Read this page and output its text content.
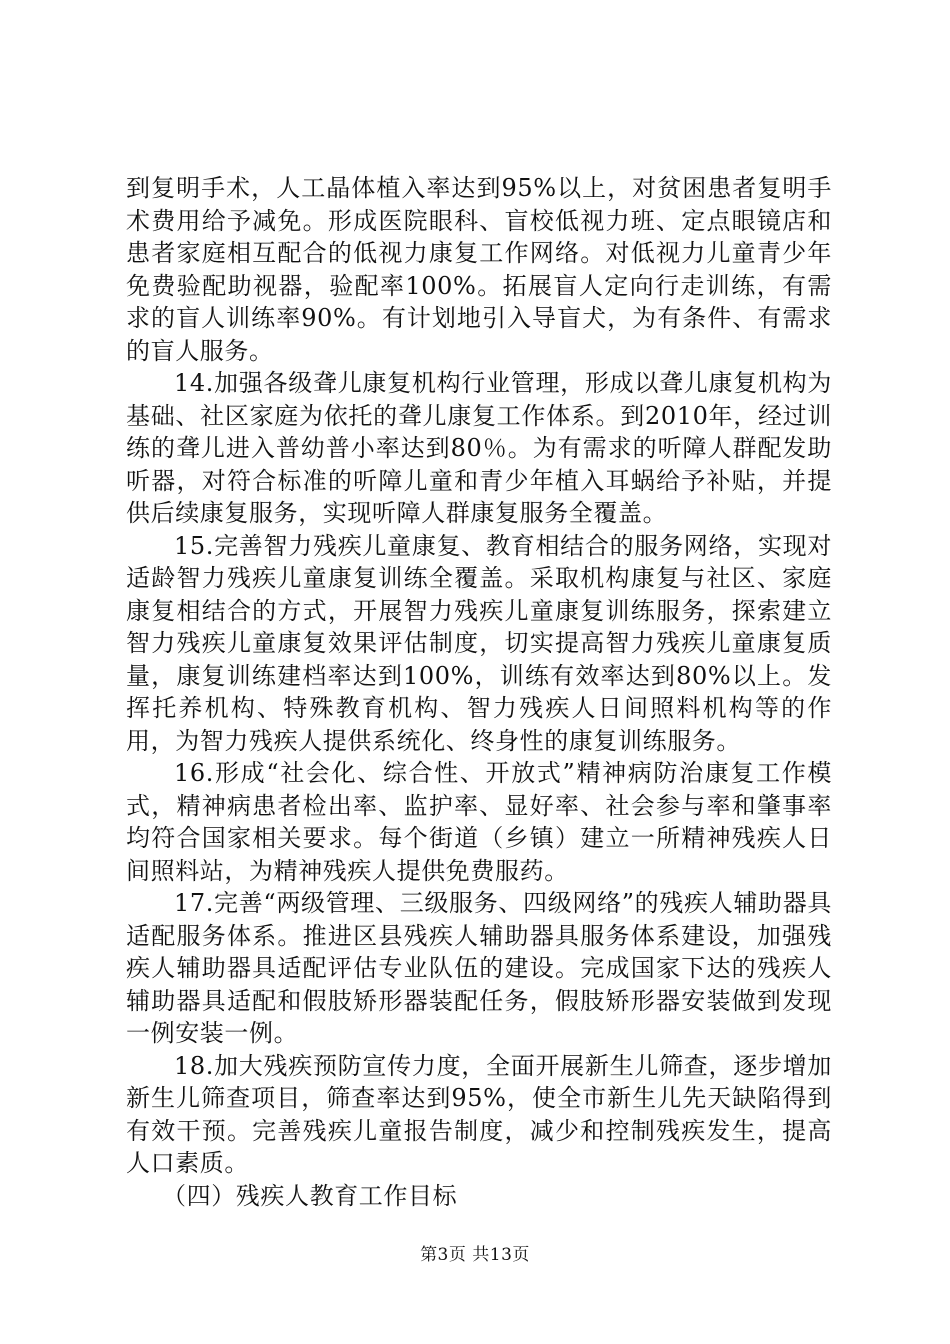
到复明手术，人工晶体植入率达到95%以上，对贫困患者复明手术费用给予减免。形成医院眼科、盲校低视力班、定点眼镜店和患者家庭相互配合的低视力康复工作网络。对低视力儿童青少年免费验配助视器，验配率100%。拓展盲人定向行走训练，有需求的盲人训练率90%。有计划地引入导盲犬，为有条件、有需求的盲人服务。

14.加强各级聋儿康复机构行业管理，形成以聋儿康复机构为基础、社区家庭为依托的聋儿康复工作体系。到2010年，经过训练的聋儿进入普幼普小率达到80％。为有需求的听障人群配发助听器，对符合标准的听障儿童和青少年植入耳蜗给予补贴，并提供后续康复服务，实现听障人群康复服务全覆盖。

15.完善智力残疾儿童康复、教育相结合的服务网络，实现对适龄智力残疾儿童康复训练全覆盖。采取机构康复与社区、家庭康复相结合的方式，开展智力残疾儿童康复训练服务，探索建立智力残疾儿童康复效果评估制度，切实提高智力残疾儿童康复质量，康复训练建档率达到100%，训练有效率达到80%以上。发挥托养机构、特殊教育机构、智力残疾人日间照料机构等的作用，为智力残疾人提供系统化、终身性的康复训练服务。

16.形成“社会化、综合性、开放式”精神病防治康复工作模式，精神病患者检出率、监护率、显好率、社会参与率和肇事率均符合国家相关要求。每个街道（乡镇）建立一所精神残疾人日间照料站，为精神残疾人提供免费服药。

17.完善“两级管理、三级服务、四级网络”的残疾人辅助器具适配服务体系。推进区县残疾人辅助器具服务体系建设，加强残疾人辅助器具适配评估专业队伍的建设。完成国家下达的残疾人辅助器具适配和假肢矫形器装配任务，假肢矫形器安装做到发现一例安装一例。

18.加大残疾预防宣传力度，全面开展新生儿筛查，逐步增加新生儿筛查项目，筛查率达到95%，使全市新生儿先天缺陷得到有效干预。完善残疾儿童报告制度，减少和控制残疾发生，提高人口素质。

（四）残疾人教育工作目标

第3页 共13页
